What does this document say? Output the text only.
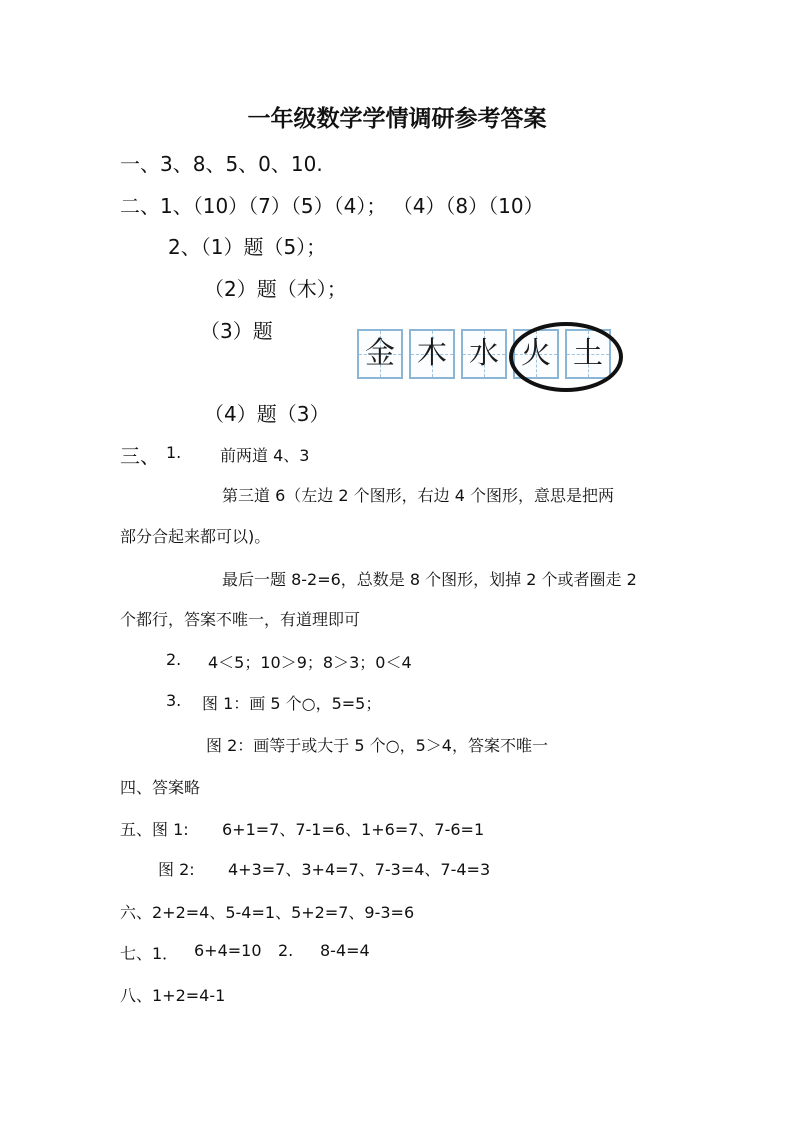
一年级数学学情调研参考答案
一、3、8、5、0、10.
二、1、（10）（7）（5）（4）； （4）（8）（10）
2、（1）题（5）；
（2）题（木）；
（3）题
金 木 水 火 土
（4）题（3）
三、 1. 前两道 4、3
第三道 6（左边 2 个图形，右边 4 个图形，意思是把两
部分合起来都可以)。
最后一题 8-2=6，总数是 8 个图形，划掉 2 个或者圈走 2
个都行，答案不唯一，有道理即可
2. 4＜5；10＞9；8＞3；0＜4
3. 图 1：画 5 个○，5=5；
图 2：画等于或大于 5 个○，5＞4，答案不唯一
四、答案略
五、图 1: 6+1=7、7-1=6、1+6=7、7-6=1
图 2: 4+3=7、3+4=7、7-3=4、7-4=3
六、2+2=4、5-4=1、5+2=7、9-3=6
七、1． 6+4=10 2. 8-4=4
八、1+2=4-1
